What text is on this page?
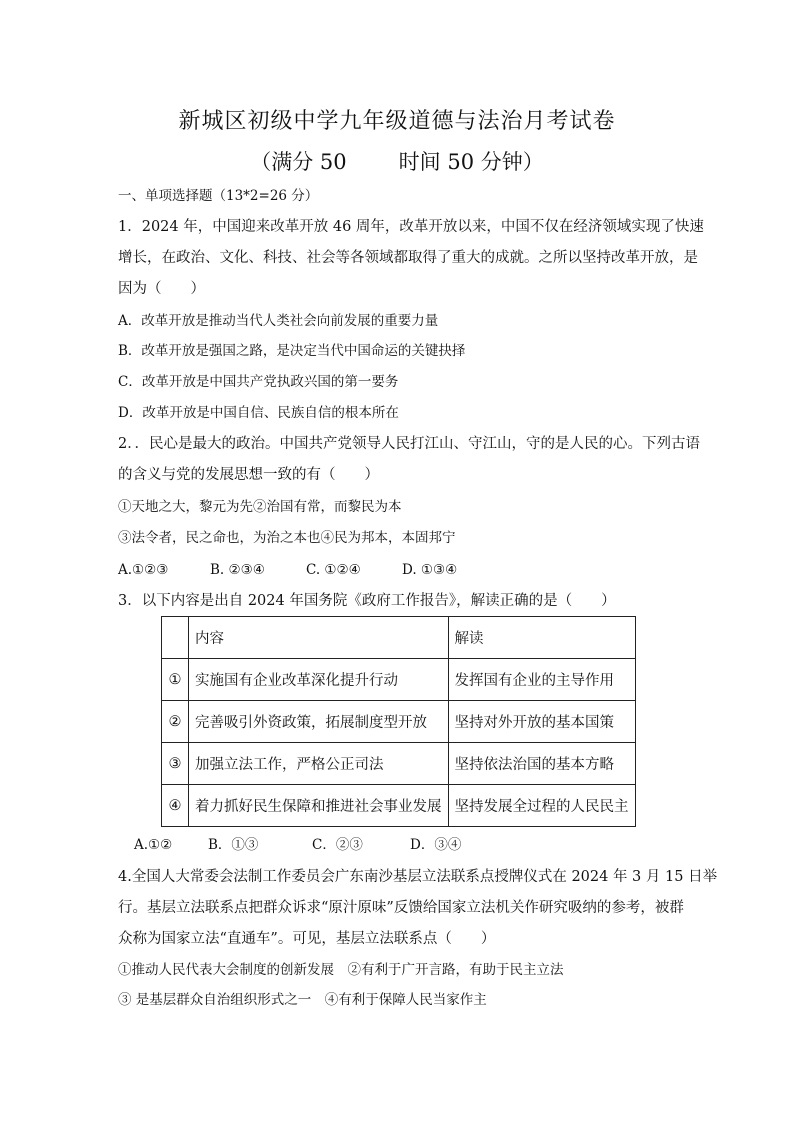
新城区初级中学九年级道德与法治月考试卷
（满分 50 时间 50 分钟）
一、单项选择题（13*2=26 分）
1．2024 年，中国迎来改革开放 46 周年，改革开放以来，中国不仅在经济领域实现了快速
增长，在政治、文化、科技、社会等各领域都取得了重大的成就。之所以坚持改革开放，是
因为（　　）
A．改革开放是推动当代人类社会向前发展的重要力量
B．改革开放是强国之路，是决定当代中国命运的关键抉择
C．改革开放是中国共产党执政兴国的第一要务
D．改革开放是中国自信、民族自信的根本所在
2．．民心是最大的政治。中国共产党领导人民打江山、守江山，守的是人民的心。下列古语
的含义与党的发展思想一致的有（　　）
①天地之大，黎元为先②治国有常，而黎民为本
③法令者，民之命也，为治之本也④民为邦本，本固邦宁
A.①②③	B. ②③④	C. ①②④	D. ①③④
3．以下内容是出自 2024 年国务院《政府工作报告》，解读正确的是（　　）
	内容	解读
①	实施国有企业改革深化提升行动	发挥国有企业的主导作用
②	完善吸引外资政策，拓展制度型开放	坚持对外开放的基本国策
③	加强立法工作，严格公正司法	坚持依法治国的基本方略
④	着力抓好民生保障和推进社会事业发展	坚持发展全过程的人民民主
A.①②	B．①③	C．②③	D．③④
4.全国人大常委会法制工作委员会广东南沙基层立法联系点授牌仪式在 2024 年 3 月 15 日举
行。基层立法联系点把群众诉求“原汁原味”反馈给国家立法机关作研究吸纳的参考，被群
众称为国家立法“直通车”。可见，基层立法联系点（　　）
①推动人民代表大会制度的创新发展　②有利于广开言路，有助于民主立法
③ 是基层群众自治组织形式之一　④有利于保障人民当家作主
